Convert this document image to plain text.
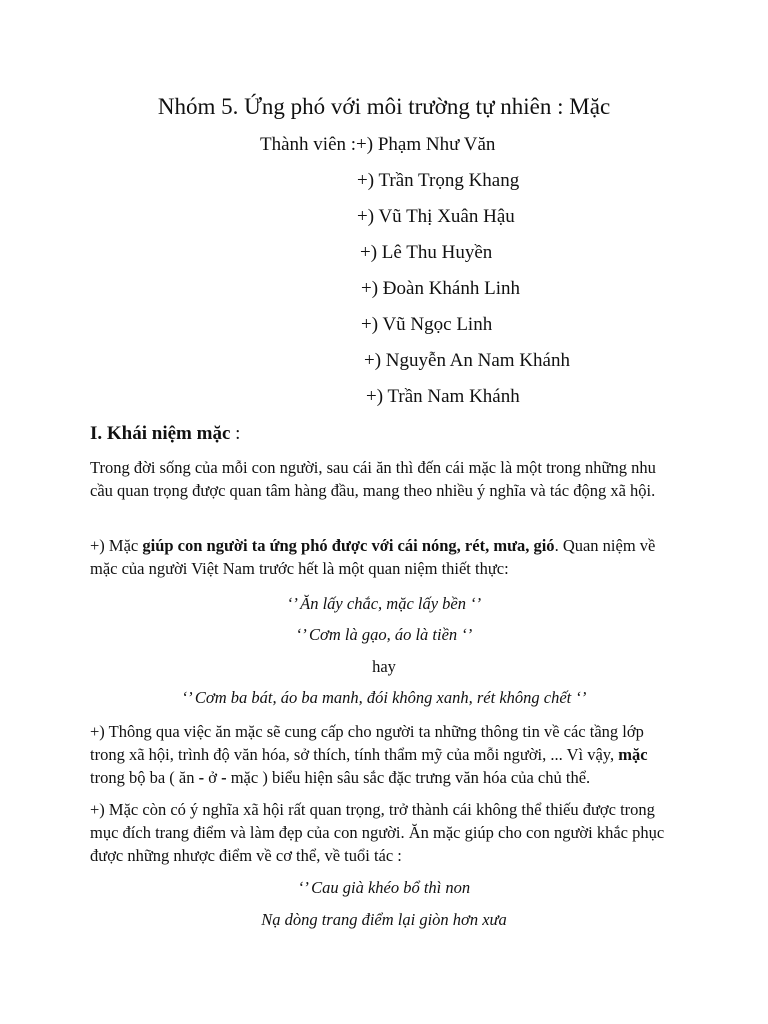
Nhóm 5. Ứng phó với môi trường tự nhiên : Mặc
Thành viên :+) Phạm Như Văn
+) Trần Trọng Khang
+) Vũ Thị Xuân Hậu
+) Lê Thu Huyền
+) Đoàn Khánh Linh
+) Vũ Ngọc Linh
+) Nguyễn An Nam Khánh
+) Trần Nam Khánh
I. Khái niệm mặc :

Trong đời sống của mỗi con người, sau cái ăn thì đến cái mặc là một trong những nhu cầu quan trọng được quan tâm hàng đầu, mang theo nhiều ý nghĩa và tác động xã hội.

+) Mặc giúp con người ta ứng phó được với cái nóng, rét, mưa, gió. Quan niệm về mặc của người Việt Nam trước hết là một quan niệm thiết thực:

‘’ Ăn lấy chắc, mặc lấy bền ‘’
‘’ Cơm là gạo, áo là tiền ‘’
hay
‘’ Cơm ba bát, áo ba manh, đói không xanh, rét không chết ‘’

+) Thông qua việc ăn mặc sẽ cung cấp cho người ta những thông tin về các tầng lớp trong xã hội, trình độ văn hóa, sở thích, tính thẩm mỹ của mỗi người, ... Vì vậy, mặc trong bộ ba ( ăn - ở - mặc ) biểu hiện sâu sắc đặc trưng văn hóa của chủ thể.

+) Mặc còn có ý nghĩa xã hội rất quan trọng, trở thành cái không thể thiếu được trong mục đích trang điểm và làm đẹp của con người. Ăn mặc giúp cho con người khắc phục được những nhược điểm về cơ thể, về tuổi tác :

‘’ Cau già khéo bổ thì non
Nạ dòng trang điểm lại giòn hơn xưa
